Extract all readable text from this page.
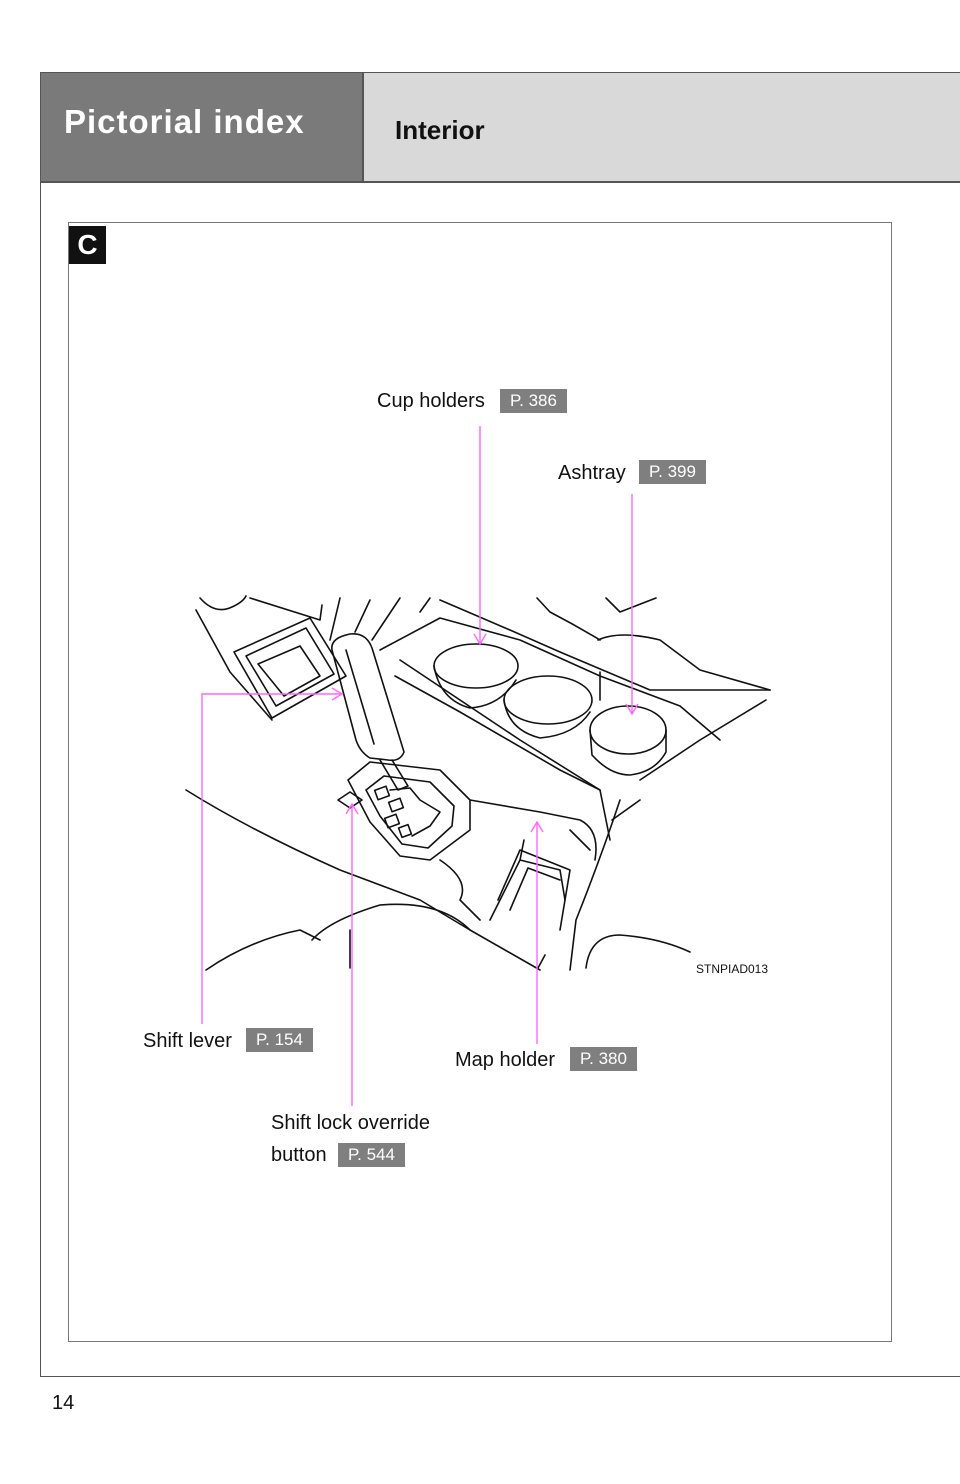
Pictorial index	Interior
C
STNPIAD013
Cup holders	P. 386
Ashtray	P. 399
Shift lever	P. 154
Map holder	P. 380
Shift lock override
button	P. 544
14
